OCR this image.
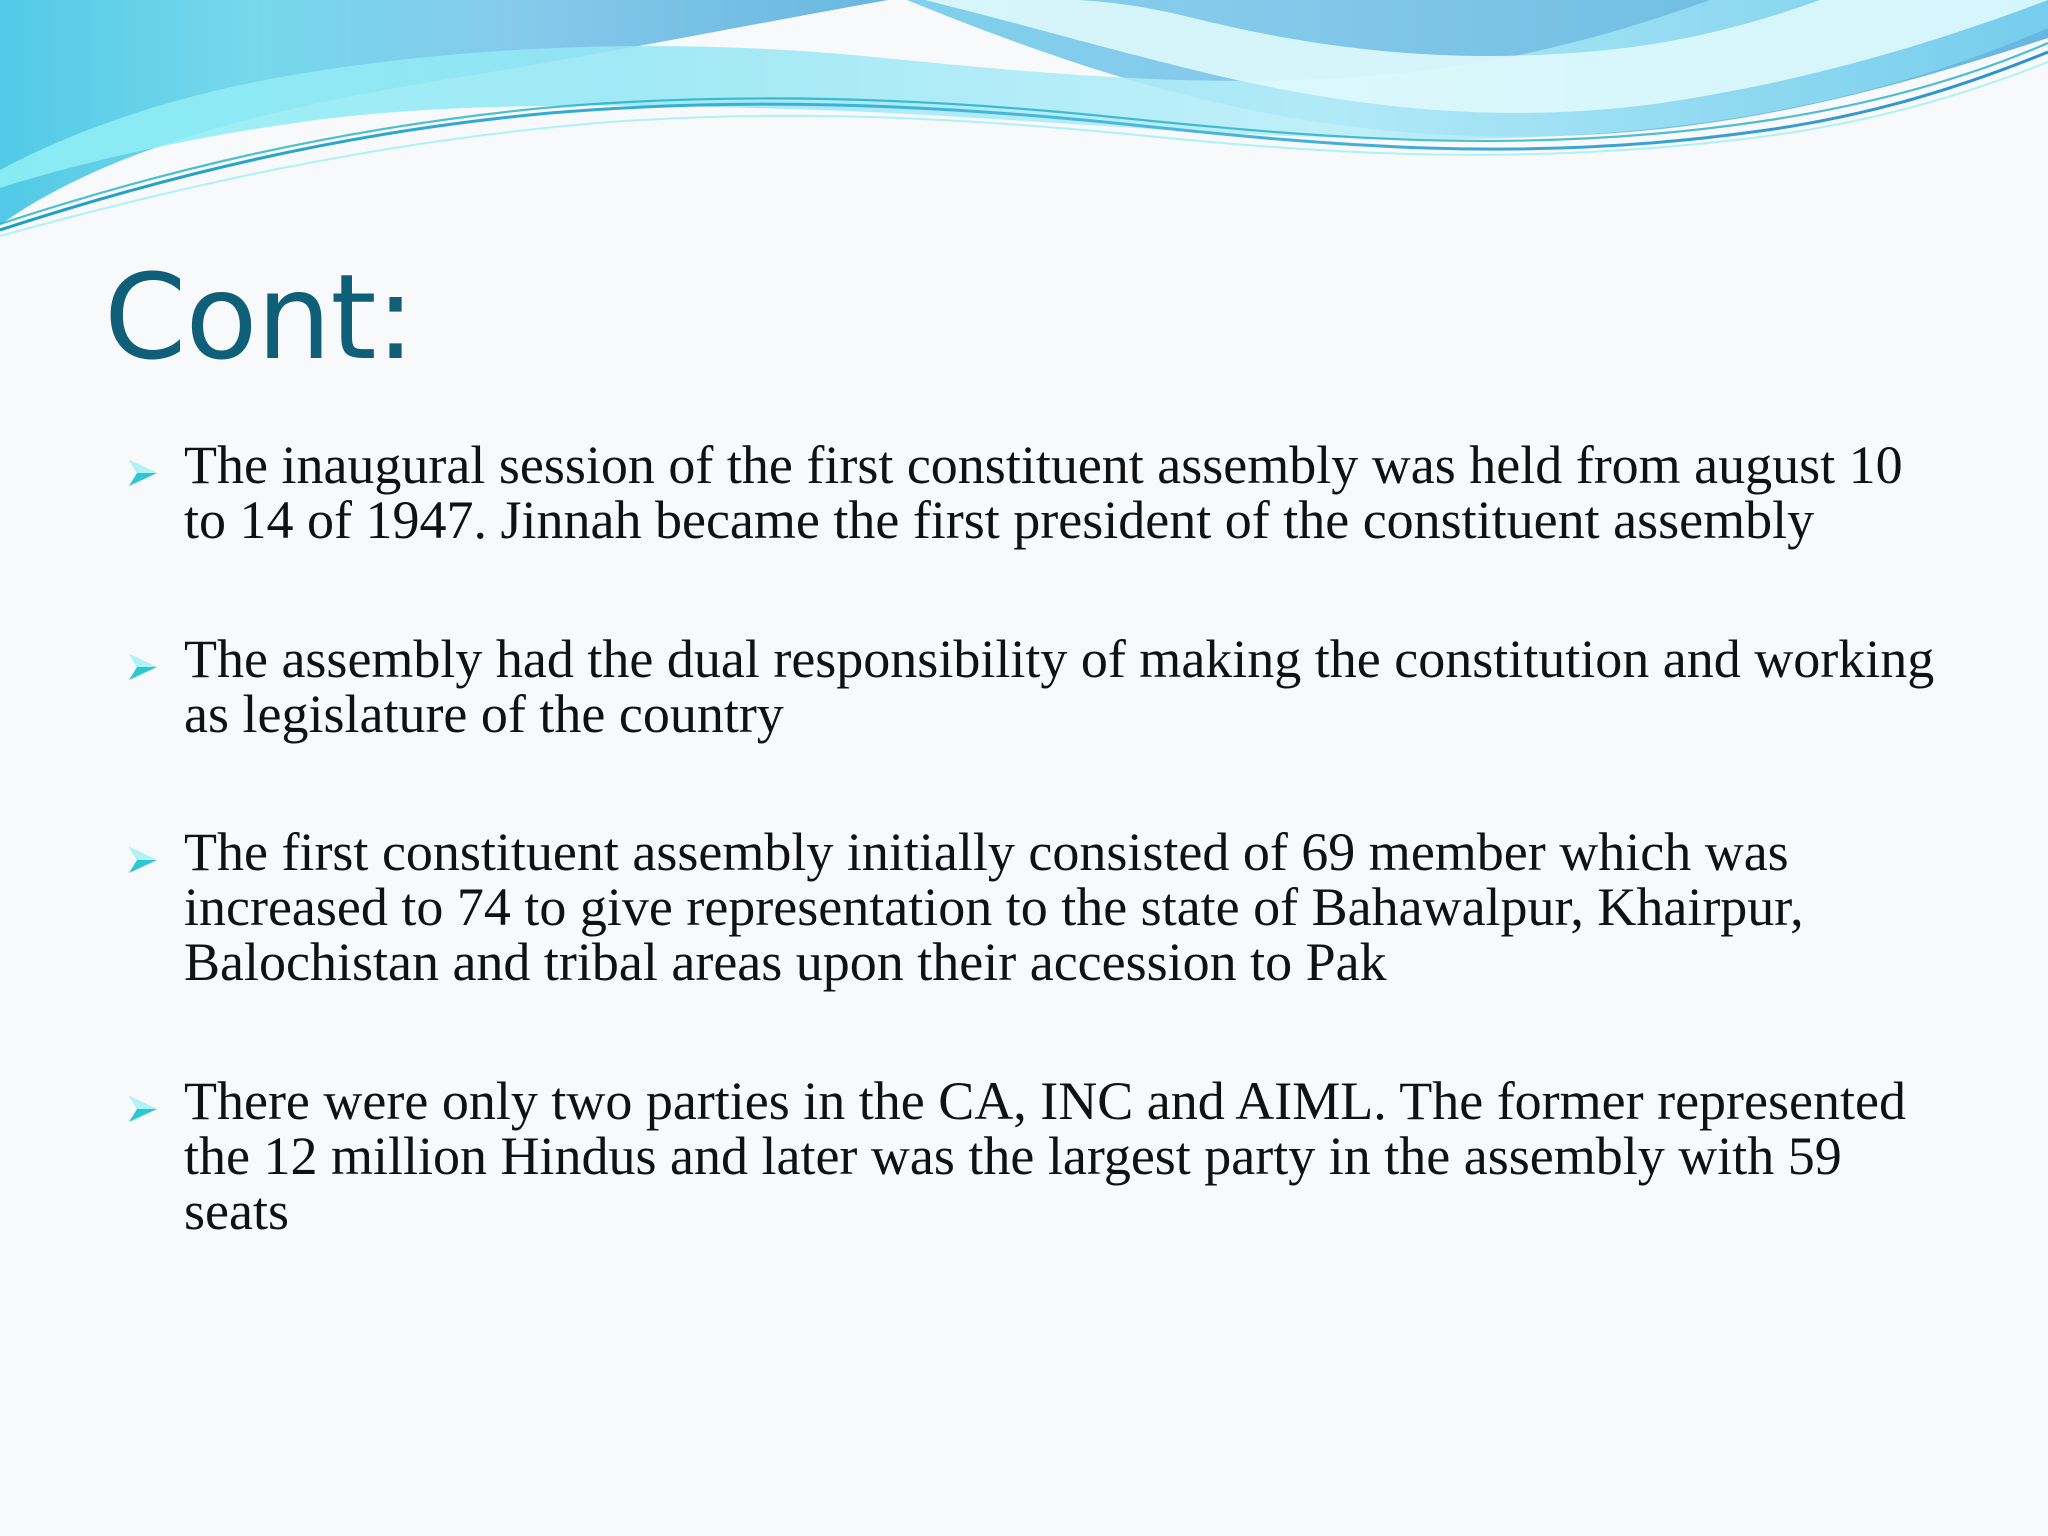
Cont:
The inaugural session of the first constituent assembly was held from august 10 to 14 of 1947. Jinnah became the first president of the constituent assembly
The assembly had the dual responsibility of making the constitution and working as legislature of the country
The first constituent assembly initially consisted of 69 member which was increased to 74 to give representation to the state of Bahawalpur, Khairpur, Balochistan and tribal areas upon their accession to Pak
There were only two parties in the CA, INC and AIML. The former represented the 12 million Hindus and later was the largest party in the assembly with 59 seats
